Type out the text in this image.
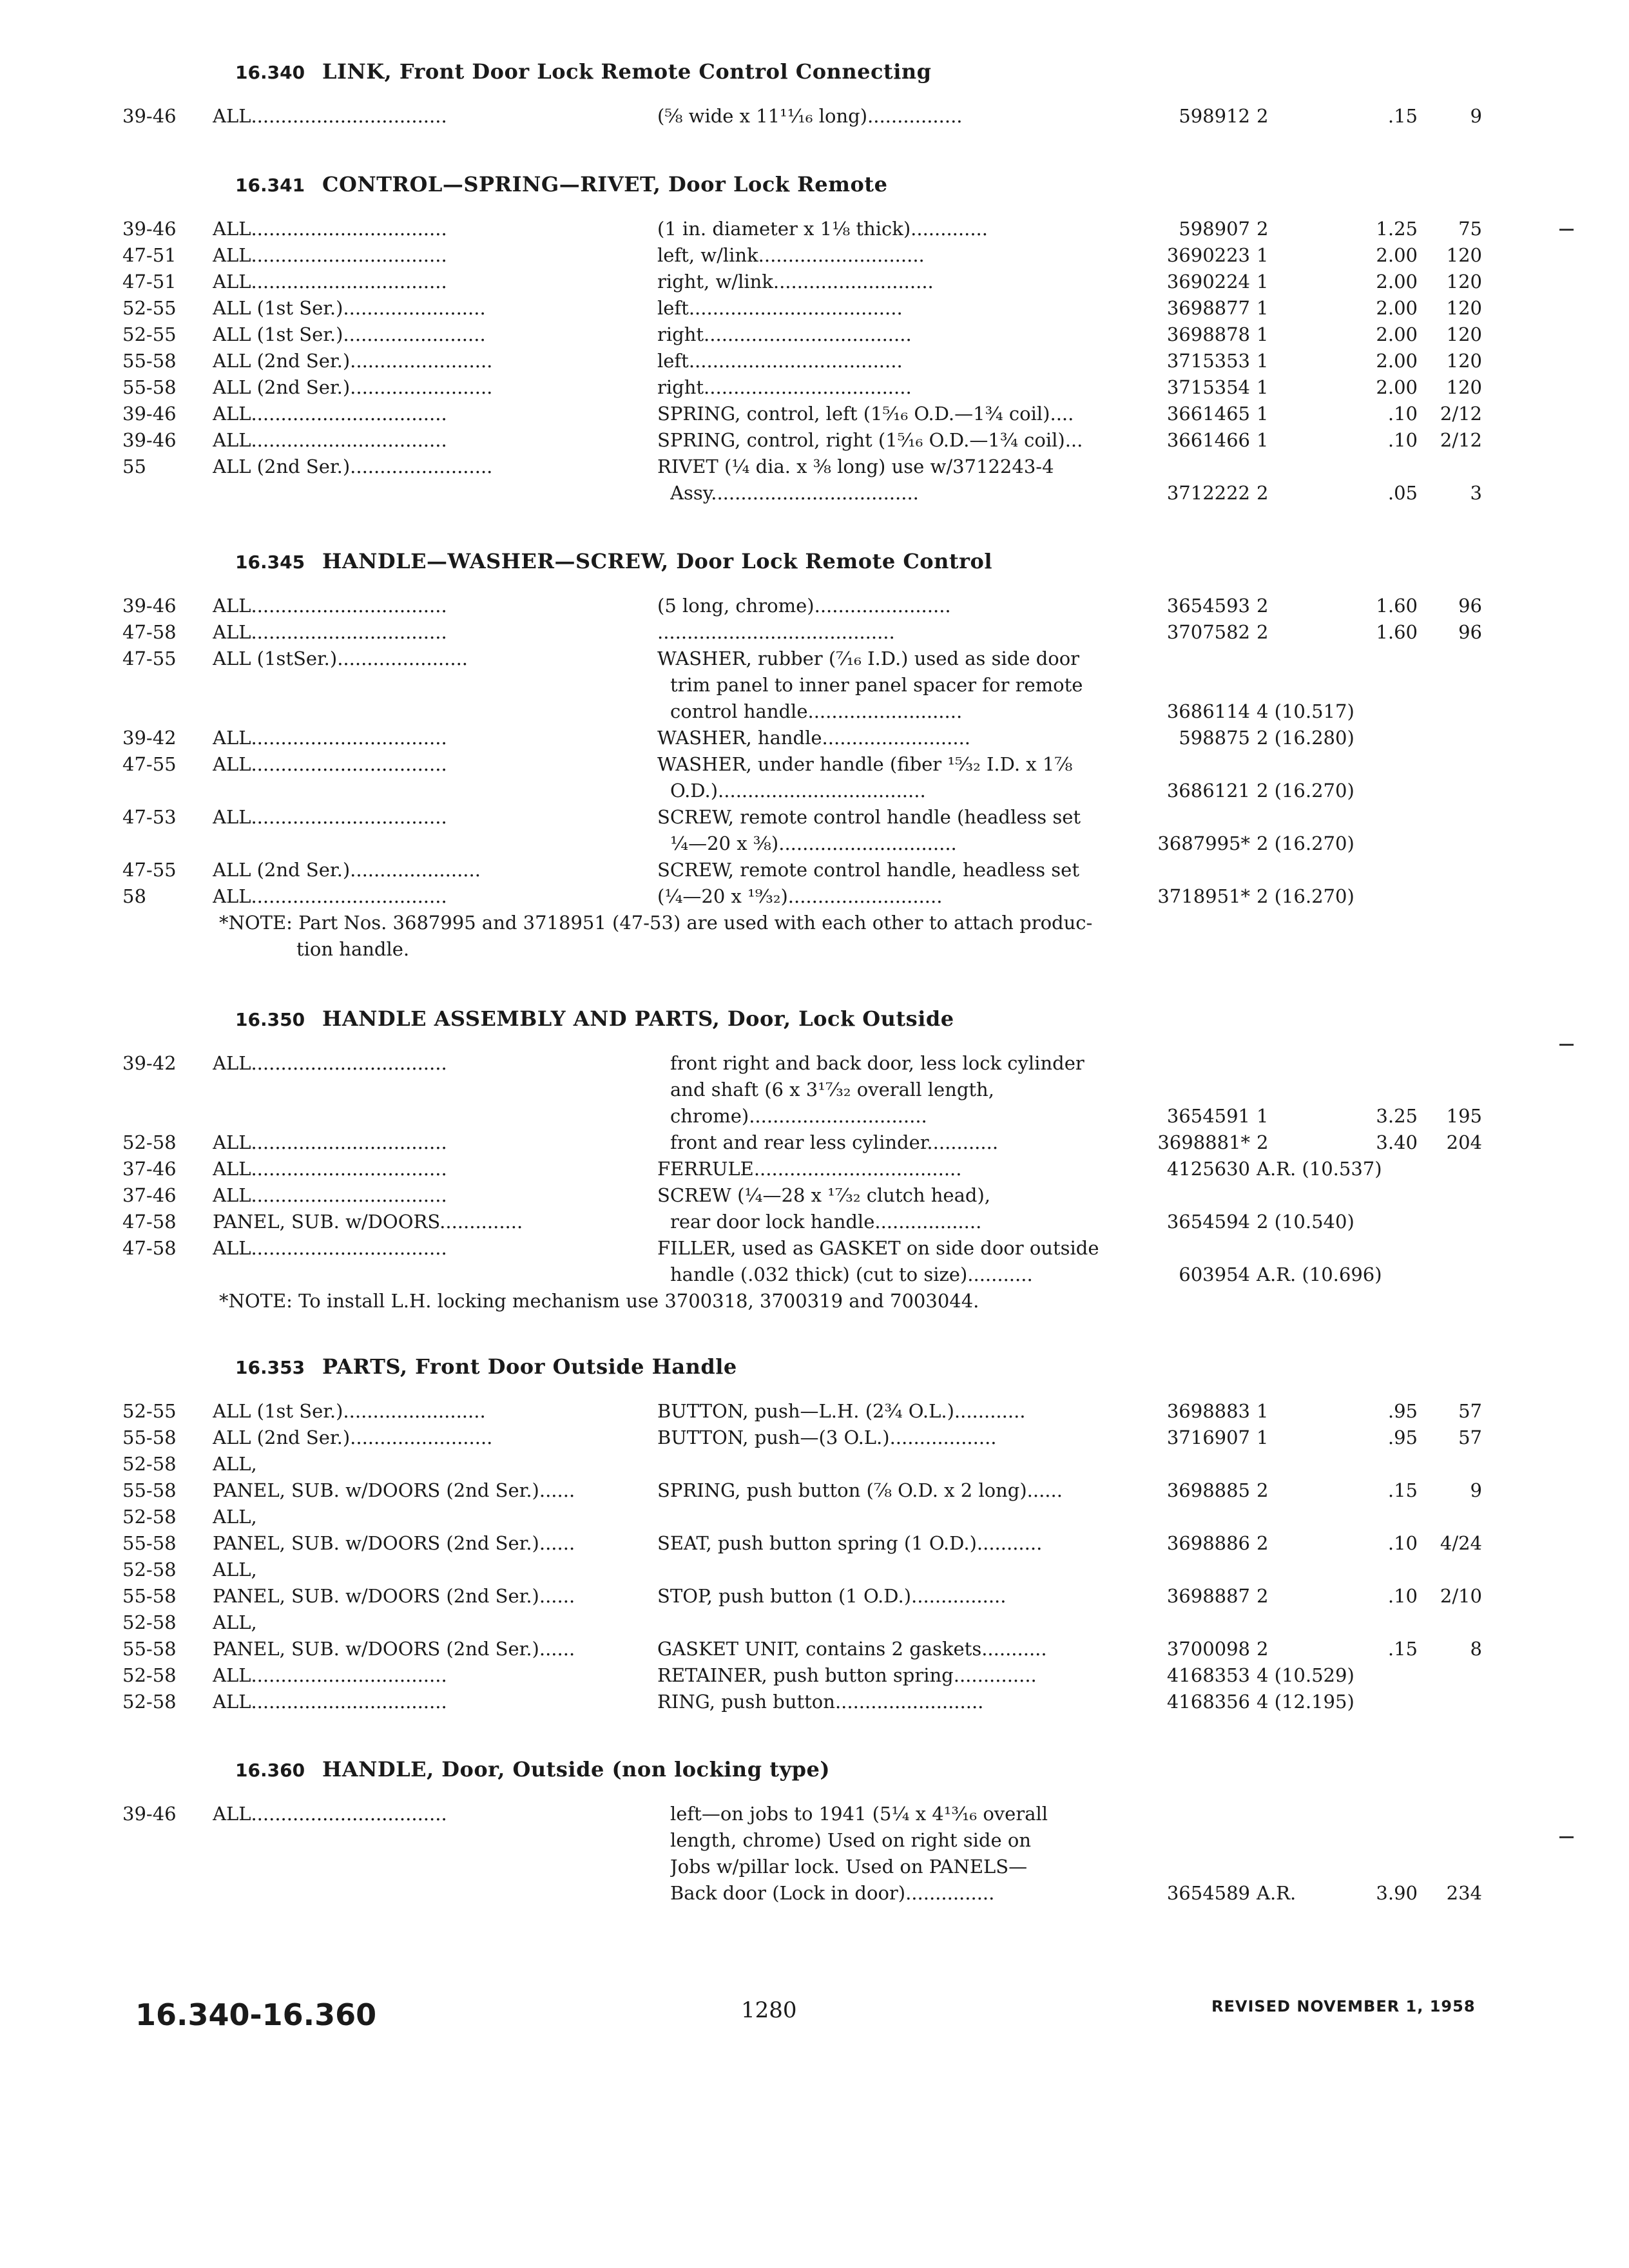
16.340 LINK, Front Door Lock Remote Control Connecting
39-46	ALL.................................	(⅝ wide x 11¹¹⁄₁₆ long)................	598912 2	.15	9
16.341 CONTROL—SPRING—RIVET, Door Lock Remote
39-46	ALL.................................	(1 in. diameter x 1⅛ thick).............	598907 2	1.25	75
47-51	ALL.................................	left, w/link............................	3690223 1	2.00	120
47-51	ALL.................................	right, w/link...........................	3690224 1	2.00	120
52-55	ALL (1st Ser.)........................	left....................................	3698877 1	2.00	120
52-55	ALL (1st Ser.)........................	right...................................	3698878 1	2.00	120
55-58	ALL (2nd Ser.)........................	left....................................	3715353 1	2.00	120
55-58	ALL (2nd Ser.)........................	right...................................	3715354 1	2.00	120
39-46	ALL.................................	SPRING, control, left (1⁵⁄₁₆ O.D.—1¾ coil)....	3661465 1	.10	2/12
39-46	ALL.................................	SPRING, control, right (1⁵⁄₁₆ O.D.—1¾ coil)...	3661466 1	.10	2/12
55	ALL (2nd Ser.)........................	RIVET (¼ dia. x ⅜ long) use w/3712243-4
Assy...................................	3712222 2	.05	3
16.345 HANDLE—WASHER—SCREW, Door Lock Remote Control
39-46	ALL.................................	(5 long, chrome).......................	3654593 2	1.60	96
47-58	ALL.................................	........................................	3707582 2	1.60	96
47-55	ALL (1stSer.)......................	WASHER, rubber (⁷⁄₁₆ I.D.) used as side door
trim panel to inner panel spacer for remote
control handle..........................	3686114 4 (10.517)
39-42	ALL.................................	WASHER, handle.........................	598875 2 (16.280)
47-55	ALL.................................	WASHER, under handle (fiber ¹⁵⁄₃₂ I.D. x 1⅞
O.D.)...................................	3686121 2 (16.270)
47-53	ALL.................................	SCREW, remote control handle (headless set
¼—20 x ⅜)..............................	3687995* 2 (16.270)
47-55	ALL (2nd Ser.)......................	SCREW, remote control handle, headless set
58	ALL.................................	(¼—20 x ¹⁹⁄₃₂)..........................	3718951* 2 (16.270)
*NOTE: Part Nos. 3687995 and 3718951 (47-53) are used with each other to attach produc-
tion handle.
16.350 HANDLE ASSEMBLY AND PARTS, Door, Lock Outside
39-42	ALL.................................	front right and back door, less lock cylinder
and shaft (6 x 3¹⁷⁄₃₂ overall length,
chrome)..............................	3654591 1	3.25	195
52-58	ALL.................................	front and rear less cylinder............	3698881* 2	3.40	204
37-46	ALL.................................	FERRULE...................................	4125630 A.R. (10.537)
37-46	ALL.................................	SCREW (¼—28 x ¹⁷⁄₃₂ clutch head),
47-58	PANEL, SUB. w/DOORS..............	rear door lock handle..................	3654594 2 (10.540)
47-58	ALL.................................	FILLER, used as GASKET on side door outside
handle (.032 thick) (cut to size)...........	603954 A.R. (10.696)
*NOTE: To install L.H. locking mechanism use 3700318, 3700319 and 7003044.
16.353 PARTS, Front Door Outside Handle
52-55	ALL (1st Ser.)........................	BUTTON, push—L.H. (2¾ O.L.)............	3698883 1	.95	57
55-58	ALL (2nd Ser.)........................	BUTTON, push—(3 O.L.)..................	3716907 1	.95	57
52-58	ALL,
55-58	PANEL, SUB. w/DOORS (2nd Ser.)......	SPRING, push button (⅞ O.D. x 2 long)......	3698885 2	.15	9
52-58	ALL,
55-58	PANEL, SUB. w/DOORS (2nd Ser.)......	SEAT, push button spring (1 O.D.)...........	3698886 2	.10	4/24
52-58	ALL,
55-58	PANEL, SUB. w/DOORS (2nd Ser.)......	STOP, push button (1 O.D.)................	3698887 2	.10	2/10
52-58	ALL,
55-58	PANEL, SUB. w/DOORS (2nd Ser.)......	GASKET UNIT, contains 2 gaskets...........	3700098 2	.15	8
52-58	ALL.................................	RETAINER, push button spring..............	4168353 4 (10.529)
52-58	ALL.................................	RING, push button.........................	4168356 4 (12.195)
16.360 HANDLE, Door, Outside (non locking type)
39-46	ALL.................................	left—on jobs to 1941 (5¼ x 4¹³⁄₁₆ overall
length, chrome) Used on right side on
Jobs w/pillar lock. Used on PANELS—
Back door (Lock in door)...............	3654589 A.R.	3.90	234
16.340-16.360	1280	REVISED NOVEMBER 1, 1958
